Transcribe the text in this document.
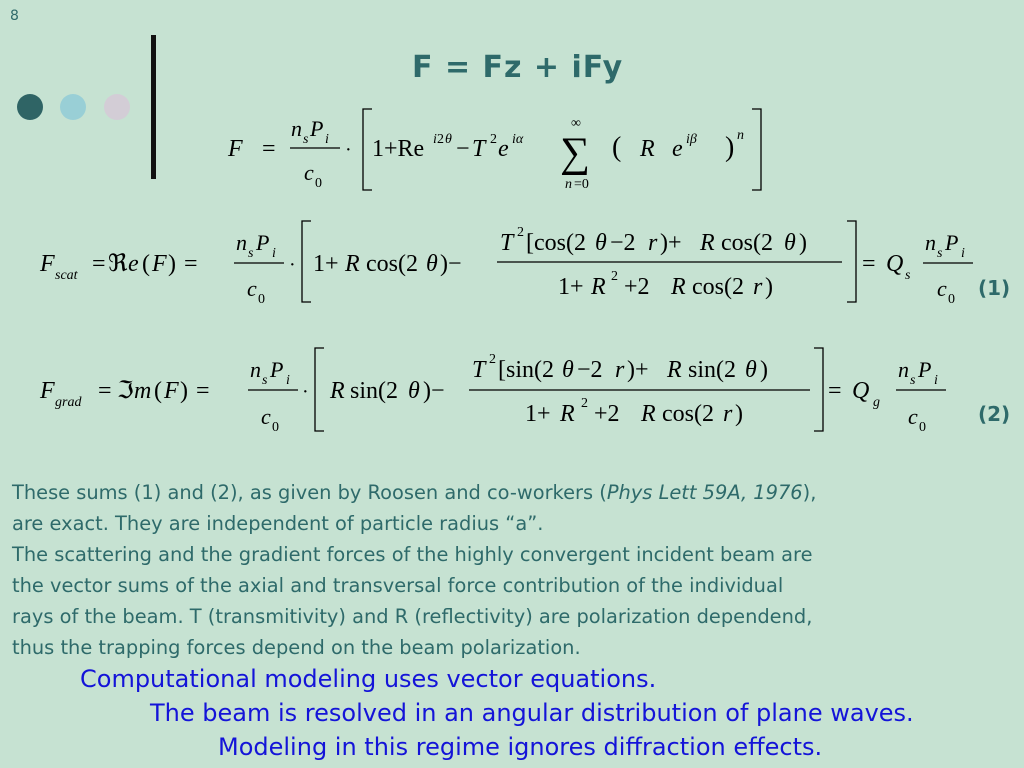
8
F = Fz + iFy
F =
n s P i
c 0
· 1+Re i 2 θ − T 2 e iα
∞
∑
n =0
( R e iβ ) n
F scat = ℜ e ( F ) =
n s P i
c 0
· 1+ R cos(2 θ )−
T 2 [cos(2 θ −2 r )+ R cos(2 θ )
1+ R 2 +2 R cos(2 r )
= Q s
n s P i
c 0
F grad = ℑ m ( F ) =
n s P i
c 0
· R sin(2 θ )−
T 2 [sin(2 θ −2 r )+ R sin(2 θ )
1+ R 2 +2 R cos(2 r )
= Q g
n s P i
c 0
(1)
(2)

These sums (1) and (2), as given by Roosen and co-workers (Phys Lett 59A, 1976),

are exact. They are independent of particle radius “a”.

The scattering and the gradient forces of the highly convergent incident beam are

the vector sums of the axial and transversal force contribution of the individual

rays of the beam. T (transmitivity) and R (reflectivity) are polarization dependend,

thus the trapping forces depend on the beam polarization.

Computational modeling uses vector equations.
The beam is resolved in an angular distribution of plane waves.
Modeling in this regime ignores diffraction effects.
